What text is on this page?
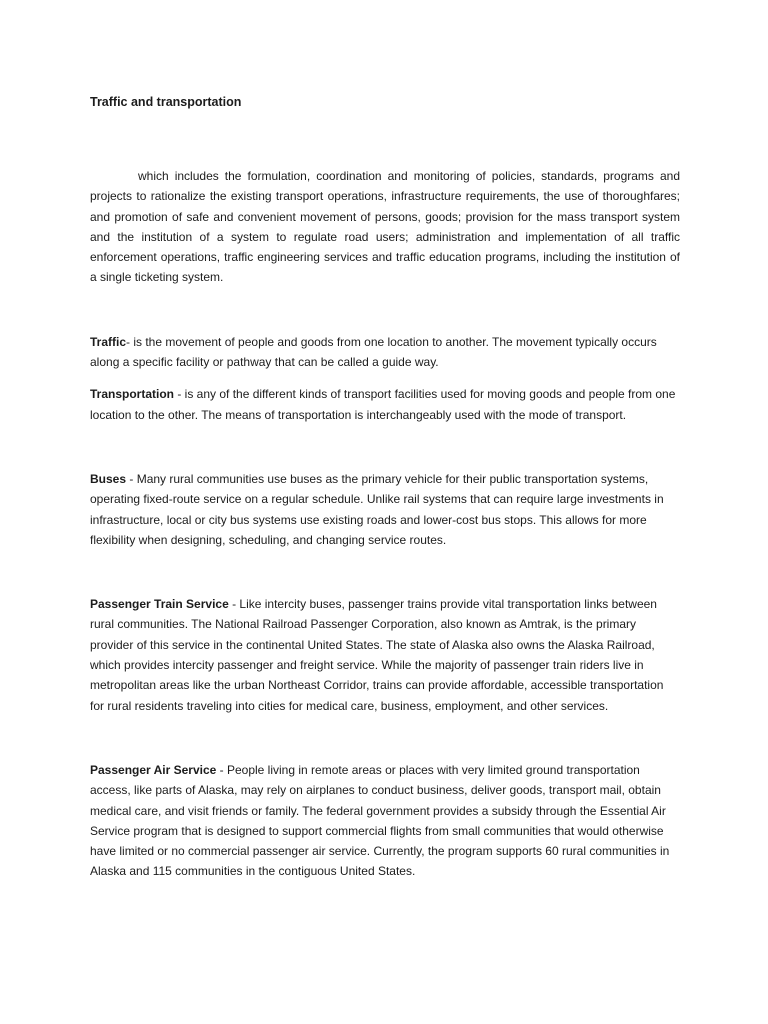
Traffic and transportation

which includes the formulation, coordination and monitoring of policies, standards, programs and projects to rationalize the existing transport operations, infrastructure requirements, the use of thoroughfares; and promotion of safe and convenient movement of persons, goods; provision for the mass transport system and the institution of a system to regulate road users; administration and implementation of all traffic enforcement operations, traffic engineering services and traffic education programs, including the institution of a single ticketing system.

Traffic- is the movement of people and goods from one location to another. The movement typically occurs along a specific facility or pathway that can be called a guide way.

Transportation - is any of the different kinds of transport facilities used for moving goods and people from one location to the other. The means of transportation is interchangeably used with the mode of transport.

Buses - Many rural communities use buses as the primary vehicle for their public transportation systems, operating fixed-route service on a regular schedule. Unlike rail systems that can require large investments in infrastructure, local or city bus systems use existing roads and lower-cost bus stops. This allows for more flexibility when designing, scheduling, and changing service routes.

Passenger Train Service - Like intercity buses, passenger trains provide vital transportation links between rural communities. The National Railroad Passenger Corporation, also known as Amtrak, is the primary provider of this service in the continental United States. The state of Alaska also owns the Alaska Railroad, which provides intercity passenger and freight service. While the majority of passenger train riders live in metropolitan areas like the urban Northeast Corridor, trains can provide affordable, accessible transportation for rural residents traveling into cities for medical care, business, employment, and other services.

Passenger Air Service - People living in remote areas or places with very limited ground transportation access, like parts of Alaska, may rely on airplanes to conduct business, deliver goods, transport mail, obtain medical care, and visit friends or family. The federal government provides a subsidy through the Essential Air Service program that is designed to support commercial flights from small communities that would otherwise have limited or no commercial passenger air service. Currently, the program supports 60 rural communities in Alaska and 115 communities in the contiguous United States.
